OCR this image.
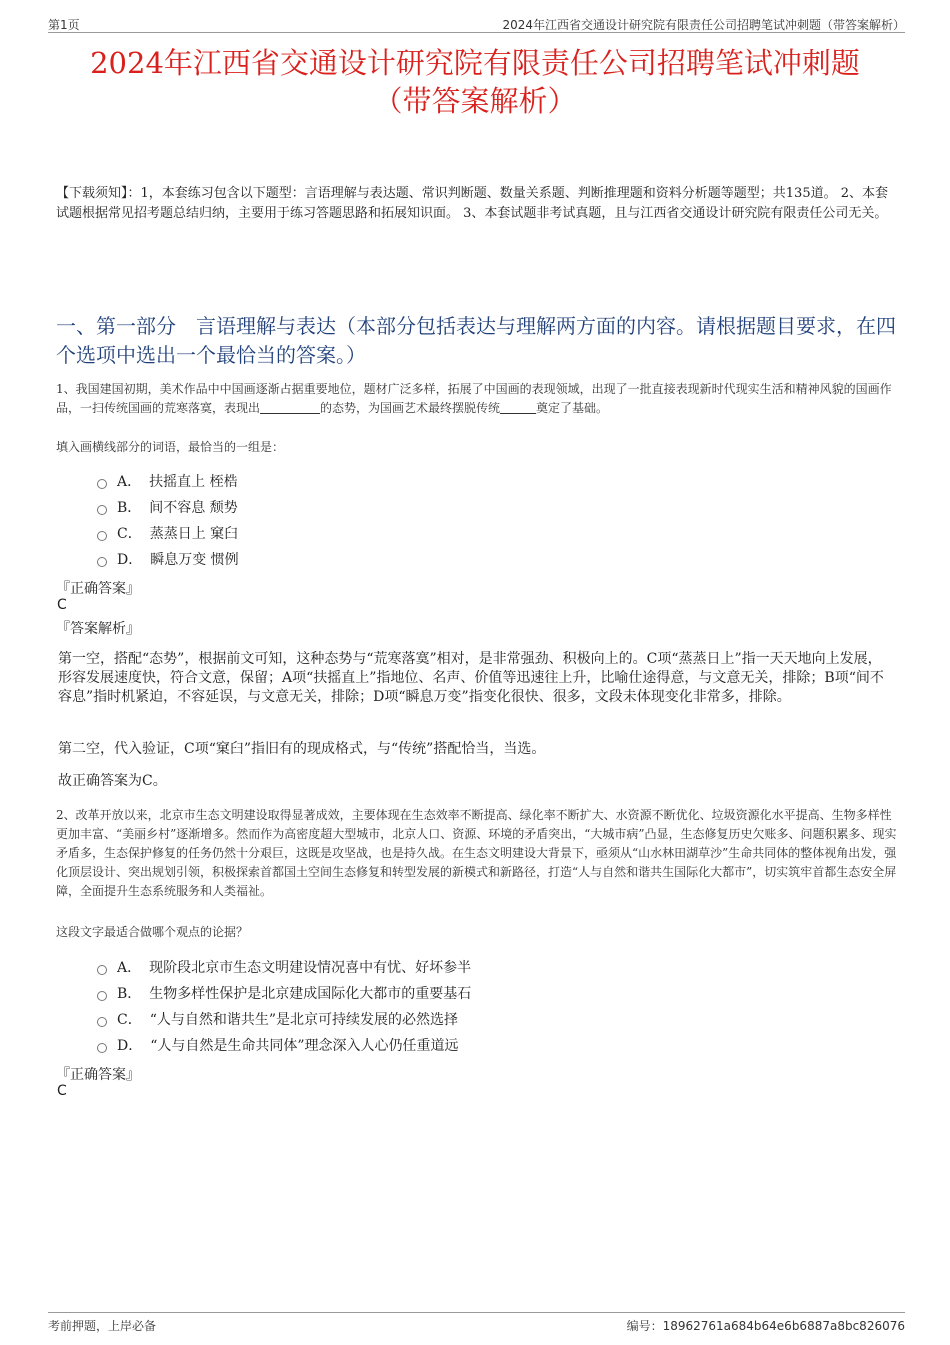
第1页	2024年江西省交通设计研究院有限责任公司招聘笔试冲刺题（带答案解析）
2024年江西省交通设计研究院有限责任公司招聘笔试冲刺题
（带答案解析）
【下载须知】：1，本套练习包含以下题型：言语理解与表达题、常识判断题、数量关系题、判断推理题和资料分析题等题型；共135道。 2、本套试题根据常见招考题总结归纳，主要用于练习答题思路和拓展知识面。 3、本套试题非考试真题，且与江西省交通设计研究院有限责任公司无关。
一、第一部分　言语理解与表达（本部分包括表达与理解两方面的内容。请根据题目要求，在四个选项中选出一个最恰当的答案。）
1、我国建国初期，美术作品中中国画逐渐占据重要地位，题材广泛多样，拓展了中国画的表现领域，出现了一批直接表现新时代现实生活和精神风貌的国画作品，一扫传统国画的荒寒落寞，表现出     	的态势，为国画艺术最终摆脱传统   	奠定了基础。
填入画横线部分的词语，最恰当的一组是：
A． 扶摇直上 桎梏
B． 间不容息 颓势
C． 蒸蒸日上 窠臼
D． 瞬息万变 惯例
『正确答案』
C
『答案解析』
第一空，搭配“态势”，根据前文可知，这种态势与“荒寒落寞”相对，是非常强劲、积极向上的。C项“蒸蒸日上”指一天天地向上发展，形容发展速度快，符合文意，保留；A项“扶摇直上”指地位、名声、价值等迅速往上升，比喻仕途得意，与文意无关，排除；B项“间不容息”指时机紧迫，不容延误，与文意无关，排除；D项“瞬息万变”指变化很快、很多，文段未体现变化非常多，排除。
第二空，代入验证，C项“窠臼”指旧有的现成格式，与“传统”搭配恰当，当选。
故正确答案为C。
2、改革开放以来，北京市生态文明建设取得显著成效，主要体现在生态效率不断提高、绿化率不断扩大、水资源不断优化、垃圾资源化水平提高、生物多样性更加丰富、“美丽乡村”逐渐增多。然而作为高密度超大型城市，北京人口、资源、环境的矛盾突出，“大城市病”凸显，生态修复历史欠账多、问题积累多、现实矛盾多，生态保护修复的任务仍然十分艰巨，这既是攻坚战，也是持久战。在生态文明建设大背景下，亟须从“山水林田湖草沙”生命共同体的整体视角出发，强化顶层设计、突出规划引领，积极探索首都国土空间生态修复和转型发展的新模式和新路径，打造“人与自然和谐共生国际化大都市”，切实筑牢首都生态安全屏障，全面提升生态系统服务和人类福祉。
这段文字最适合做哪个观点的论据？
A． 现阶段北京市生态文明建设情况喜中有忧、好坏参半
B． 生物多样性保护是北京建成国际化大都市的重要基石
C． “人与自然和谐共生”是北京可持续发展的必然选择
D． “人与自然是生命共同体”理念深入人心仍任重道远
『正确答案』
C
考前押题，上岸必备	编号：18962761a684b64e6b6887a8bc826076
